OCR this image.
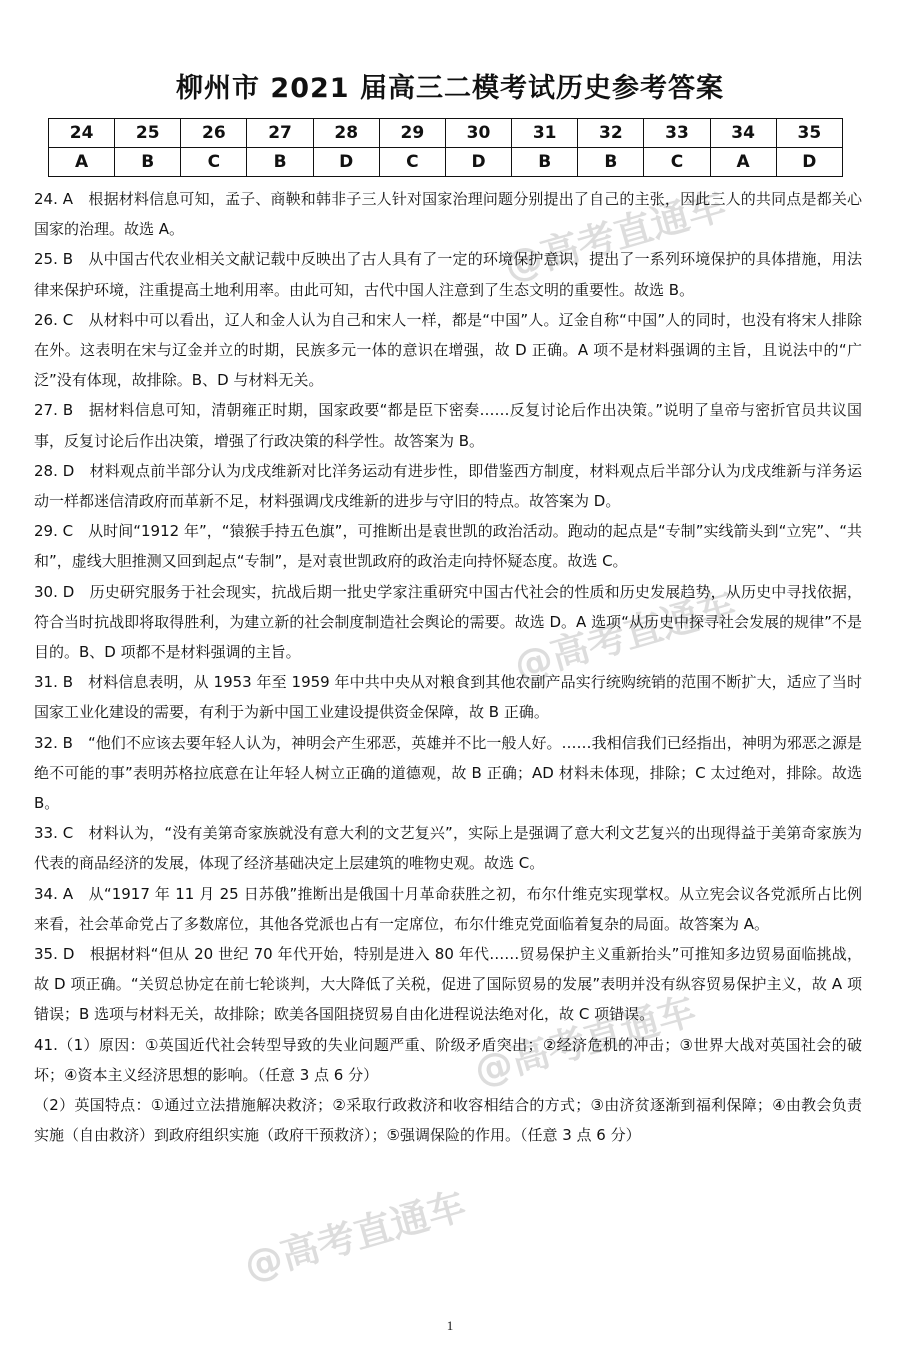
@高考直通车
@高考直通车
@高考直通车
@高考直通车
柳州市 2021 届高三二模考试历史参考答案
24	25	26	27	28	29	30	31	32	33	34	35
A	B	C	B	D	C	D	B	B	C	A	D

24. A　根据材料信息可知，孟子、商鞅和韩非子三人针对国家治理问题分别提出了自己的主张，因此三人的共同点是都关心国家的治理。故选 A。

25. B　从中国古代农业相关文献记载中反映出了古人具有了一定的环境保护意识，提出了一系列环境保护的具体措施，用法律来保护环境，注重提高土地利用率。由此可知，古代中国人注意到了生态文明的重要性。故选 B。

26. C　从材料中可以看出，辽人和金人认为自己和宋人一样，都是“中国”人。辽金自称“中国”人的同时，也没有将宋人排除在外。这表明在宋与辽金并立的时期，民族多元一体的意识在增强，故 D 正确。A 项不是材料强调的主旨，且说法中的“广泛”没有体现，故排除。B、D 与材料无关。

27. B　据材料信息可知，清朝雍正时期，国家政要“都是臣下密奏……反复讨论后作出决策。”说明了皇帝与密折官员共议国事，反复讨论后作出决策，增强了行政决策的科学性。故答案为 B。

28. D　材料观点前半部分认为戊戌维新对比洋务运动有进步性，即借鉴西方制度，材料观点后半部分认为戊戌维新与洋务运动一样都迷信清政府而革新不足，材料强调戊戌维新的进步与守旧的特点。故答案为 D。

29. C　从时间“1912 年”，“猿猴手持五色旗”，可推断出是袁世凯的政治活动。跑动的起点是“专制”实线箭头到“立宪”、“共和”，虚线大胆推测又回到起点“专制”，是对袁世凯政府的政治走向持怀疑态度。故选 C。

30. D　历史研究服务于社会现实，抗战后期一批史学家注重研究中国古代社会的性质和历史发展趋势，从历史中寻找依据，符合当时抗战即将取得胜利，为建立新的社会制度制造社会舆论的需要。故选 D。A 选项“从历史中探寻社会发展的规律”不是目的。B、D 项都不是材料强调的主旨。

31. B　材料信息表明，从 1953 年至 1959 年中共中央从对粮食到其他农副产品实行统购统销的范围不断扩大，适应了当时国家工业化建设的需要，有利于为新中国工业建设提供资金保障，故 B 正确。

32. B　“他们不应该去要年轻人认为，神明会产生邪恶，英雄并不比一般人好。……我相信我们已经指出，神明为邪恶之源是绝不可能的事”表明苏格拉底意在让年轻人树立正确的道德观，故 B 正确；AD 材料未体现，排除；C 太过绝对，排除。故选 B。

33. C　材料认为，“没有美第奇家族就没有意大利的文艺复兴”，实际上是强调了意大利文艺复兴的出现得益于美第奇家族为代表的商品经济的发展，体现了经济基础决定上层建筑的唯物史观。故选 C。

34. A　从“1917 年 11 月 25 日苏俄”推断出是俄国十月革命获胜之初，布尔什维克实现掌权。从立宪会议各党派所占比例来看，社会革命党占了多数席位，其他各党派也占有一定席位，布尔什维克党面临着复杂的局面。故答案为 A。

35. D　根据材料“但从 20 世纪 70 年代开始，特别是进入 80 年代……贸易保护主义重新抬头”可推知多边贸易面临挑战，故 D 项正确。“关贸总协定在前七轮谈判，大大降低了关税，促进了国际贸易的发展”表明并没有纵容贸易保护主义，故 A 项错误；B 选项与材料无关，故排除；欧美各国阻挠贸易自由化进程说法绝对化，故 C 项错误。

41.（1）原因：①英国近代社会转型导致的失业问题严重、阶级矛盾突出；②经济危机的冲击；③世界大战对英国社会的破坏；④资本主义经济思想的影响。（任意 3 点 6 分）

（2）英国特点：①通过立法措施解决救济；②采取行政救济和收容相结合的方式；③由济贫逐渐到福利保障；④由教会负责实施（自由救济）到政府组织实施（政府干预救济）；⑤强调保险的作用。（任意 3 点 6 分）

1
